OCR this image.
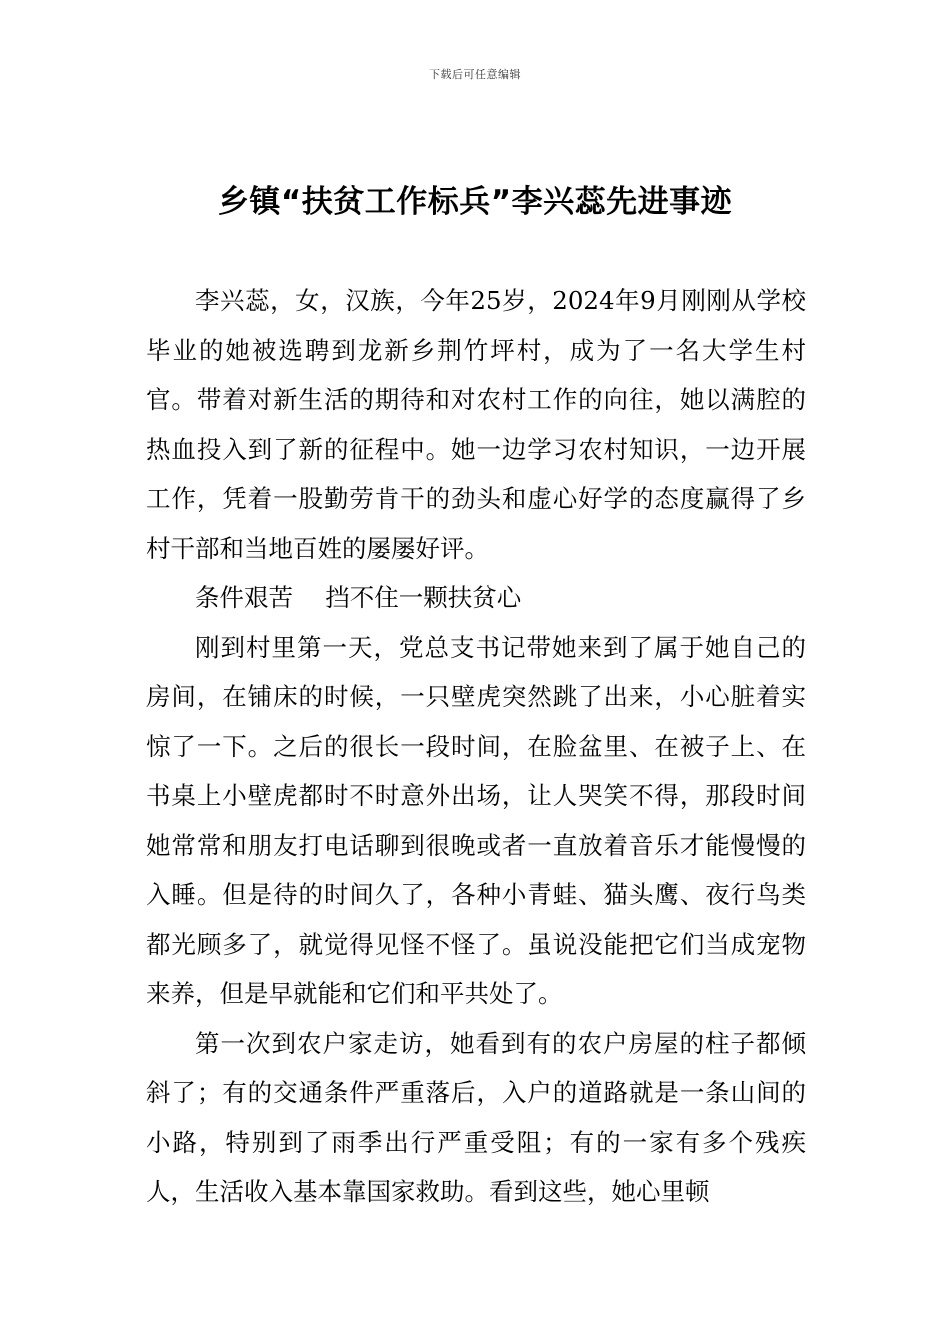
下载后可任意编辑
乡镇“扶贫工作标兵”李兴蕊先进事迹

李兴蕊，女，汉族，今年25岁，2024年9月刚刚从学校毕业的她被选聘到龙新乡荆竹坪村，成为了一名大学生村官。带着对新生活的期待和对农村工作的向往，她以满腔的热血投入到了新的征程中。她一边学习农村知识，一边开展工作，凭着一股勤劳肯干的劲头和虚心好学的态度赢得了乡村干部和当地百姓的屡屡好评。

条件艰苦　 挡不住一颗扶贫心

刚到村里第一天，党总支书记带她来到了属于她自己的房间，在铺床的时候，一只壁虎突然跳了出来，小心脏着实惊了一下。之后的很长一段时间，在脸盆里、在被子上、在书桌上小壁虎都时不时意外出场，让人哭笑不得，那段时间她常常和朋友打电话聊到很晚或者一直放着音乐才能慢慢的入睡。但是待的时间久了，各种小青蛙、猫头鹰、夜行鸟类都光顾多了，就觉得见怪不怪了。虽说没能把它们当成宠物来养，但是早就能和它们和平共处了。

第一次到农户家走访，她看到有的农户房屋的柱子都倾斜了；有的交通条件严重落后，入户的道路就是一条山间的小路，特别到了雨季出行严重受阻；有的一家有多个残疾人，生活收入基本靠国家救助。看到这些，她心里顿
